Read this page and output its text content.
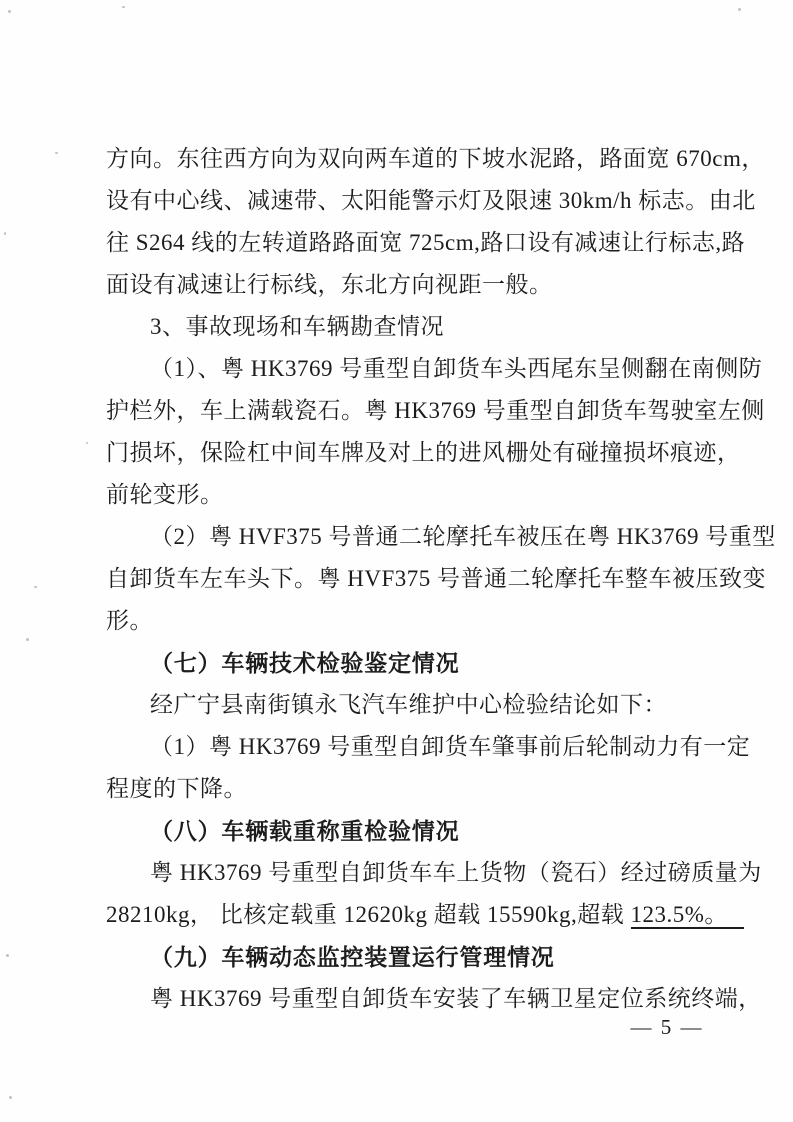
方向。东往西方向为双向两车道的下坡水泥路，路面宽 670cm，
设有中心线、减速带、太阳能警示灯及限速 30km/h 标志。由北
往 S264 线的左转道路路面宽 725cm,路口设有减速让行标志,路
面设有减速让行标线，东北方向视距一般。
3、事故现场和车辆勘查情况
（1）、粤 HK3769 号重型自卸货车头西尾东呈侧翻在南侧防
护栏外，车上满载瓷石。粤 HK3769 号重型自卸货车驾驶室左侧
门损坏，保险杠中间车牌及对上的进风栅处有碰撞损坏痕迹，
前轮变形。
（2）粤 HVF375 号普通二轮摩托车被压在粤 HK3769 号重型
自卸货车左车头下。粤 HVF375 号普通二轮摩托车整车被压致变
形。
（七）车辆技术检验鉴定情况
经广宁县南街镇永飞汽车维护中心检验结论如下：
（1）粤 HK3769 号重型自卸货车肇事前后轮制动力有一定
程度的下降。
（八）车辆载重称重检验情况
粤 HK3769 号重型自卸货车车上货物（瓷石）经过磅质量为
28210kg， 比核定载重 12620kg 超载 15590kg,超载 123.5%。
（九）车辆动态监控装置运行管理情况
粤 HK3769 号重型自卸货车安装了车辆卫星定位系统终端，
— 5 —
